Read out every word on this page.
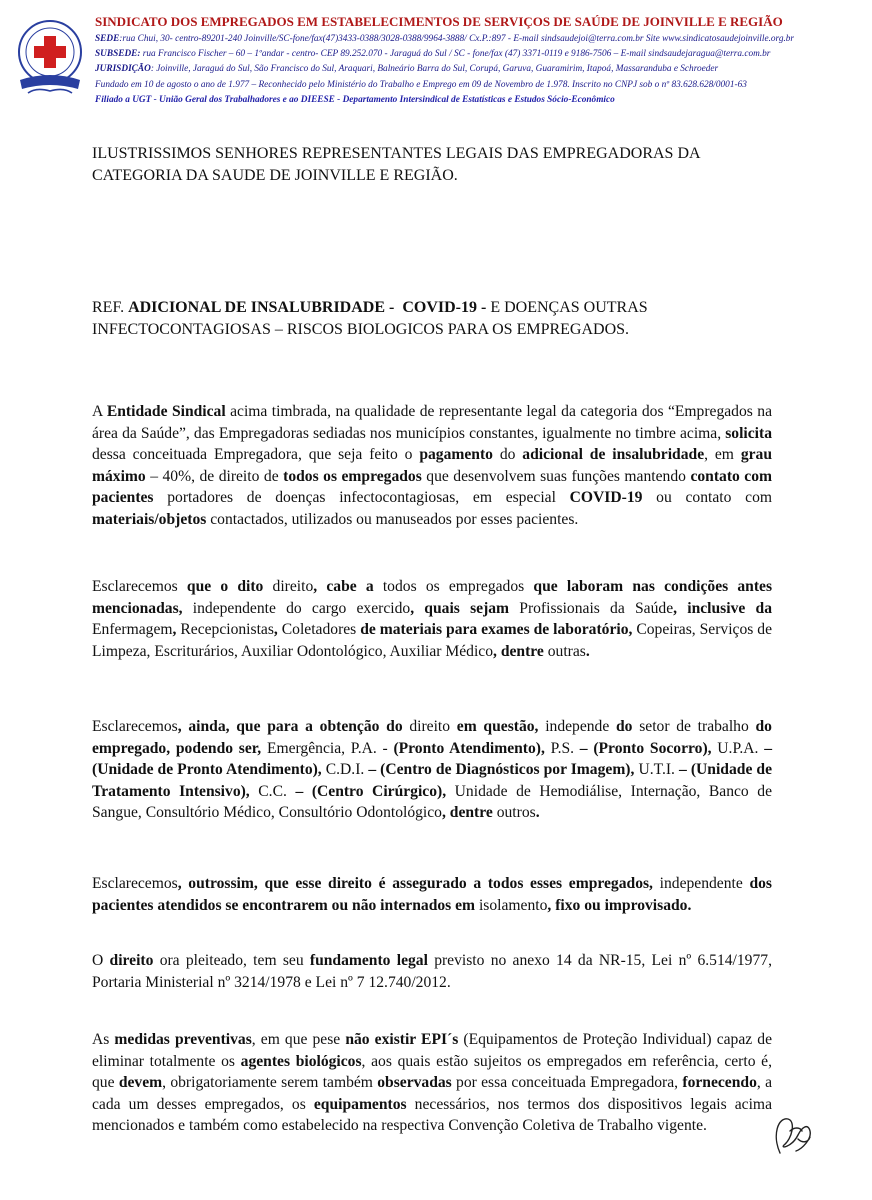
SINDICATO DOS EMPREGADOS EM ESTABELECIMENTOS DE SERVIÇOS DE SAÚDE DE JOINVILLE E REGIÃO
SEDE:rua Chui, 30- centro-89201-240 Joinville/SC-fone/fax(47)3433-0388/3028-0388/9964-3888/ Cx.P.:897 - E-mail sindsaudejoi@terra.com.br Site www.sindicatosaudejoinville.org.br
SUBSEDE: rua Francisco Fischer – 60 – 1ºandar - centro- CEP 89.252.070 - Jaraguá do Sul / SC - fone/fax (47) 3371-0119 e 9186-7506 – E-mail sindsaudejaragua@terra.com.br
JURISDIÇÃO: Joinville, Jaraguá do Sul, São Francisco do Sul, Araquari, Balneário Barra do Sul, Corupá, Garuva, Guaramirim, Itapoá, Massaranduba e Schroeder
Fundado em 10 de agosto o ano de 1.977 – Reconhecido pelo Ministério do Trabalho e Emprego em 09 de Novembro de 1.978. Inscrito no CNPJ sob o nº 83.628.628/0001-63
Filiado a UGT - União Geral dos Trabalhadores e ao DIEESE - Departamento Intersindical de Estatísticas e Estudos Sócio-Econômico
ILUSTRISSIMOS SENHORES REPRESENTANTES LEGAIS DAS EMPREGADORAS DA CATEGORIA DA SAUDE DE JOINVILLE E REGIÃO.
REF. ADICIONAL DE INSALUBRIDADE - COVID-19 - E DOENÇAS OUTRAS INFECTOCONTAGIOSAS – RISCOS BIOLOGICOS PARA OS EMPREGADOS.
A Entidade Sindical acima timbrada, na qualidade de representante legal da categoria dos “Empregados na área da Saúde”, das Empregadoras sediadas nos municípios constantes, igualmente no timbre acima, solicita dessa conceituada Empregadora, que seja feito o pagamento do adicional de insalubridade, em grau máximo – 40%, de direito de todos os empregados que desenvolvem suas funções mantendo contato com pacientes portadores de doenças infectocontagiosas, em especial COVID-19 ou contato com materiais/objetos contactados, utilizados ou manuseados por esses pacientes.
Esclarecemos que o dito direito, cabe a todos os empregados que laboram nas condições antes mencionadas, independente do cargo exercido, quais sejam Profissionais da Saúde, inclusive da Enfermagem, Recepcionistas, Coletadores de materiais para exames de laboratório, Copeiras, Serviços de Limpeza, Escriturários, Auxiliar Odontológico, Auxiliar Médico, dentre outras.
Esclarecemos, ainda, que para a obtenção do direito em questão, independe do setor de trabalho do empregado, podendo ser, Emergência, P.A. - (Pronto Atendimento), P.S. – (Pronto Socorro), U.P.A. – (Unidade de Pronto Atendimento), C.D.I. – (Centro de Diagnósticos por Imagem), U.T.I. – (Unidade de Tratamento Intensivo), C.C. – (Centro Cirúrgico), Unidade de Hemodiálise, Internação, Banco de Sangue, Consultório Médico, Consultório Odontológico, dentre outros.
Esclarecemos, outrossim, que esse direito é assegurado a todos esses empregados, independente dos pacientes atendidos se encontrarem ou não internados em isolamento, fixo ou improvisado.
O direito ora pleiteado, tem seu fundamento legal previsto no anexo 14 da NR-15, Lei nº 6.514/1977, Portaria Ministerial nº 3214/1978 e Lei nº 7 12.740/2012.
As medidas preventivas, em que pese não existir EPI´s (Equipamentos de Proteção Individual) capaz de eliminar totalmente os agentes biológicos, aos quais estão sujeitos os empregados em referência, certo é, que devem, obrigatoriamente serem também observadas por essa conceituada Empregadora, fornecendo, a cada um desses empregados, os equipamentos necessários, nos termos dos dispositivos legais acima mencionados e também como estabelecido na respectiva Convenção Coletiva de Trabalho vigente.
